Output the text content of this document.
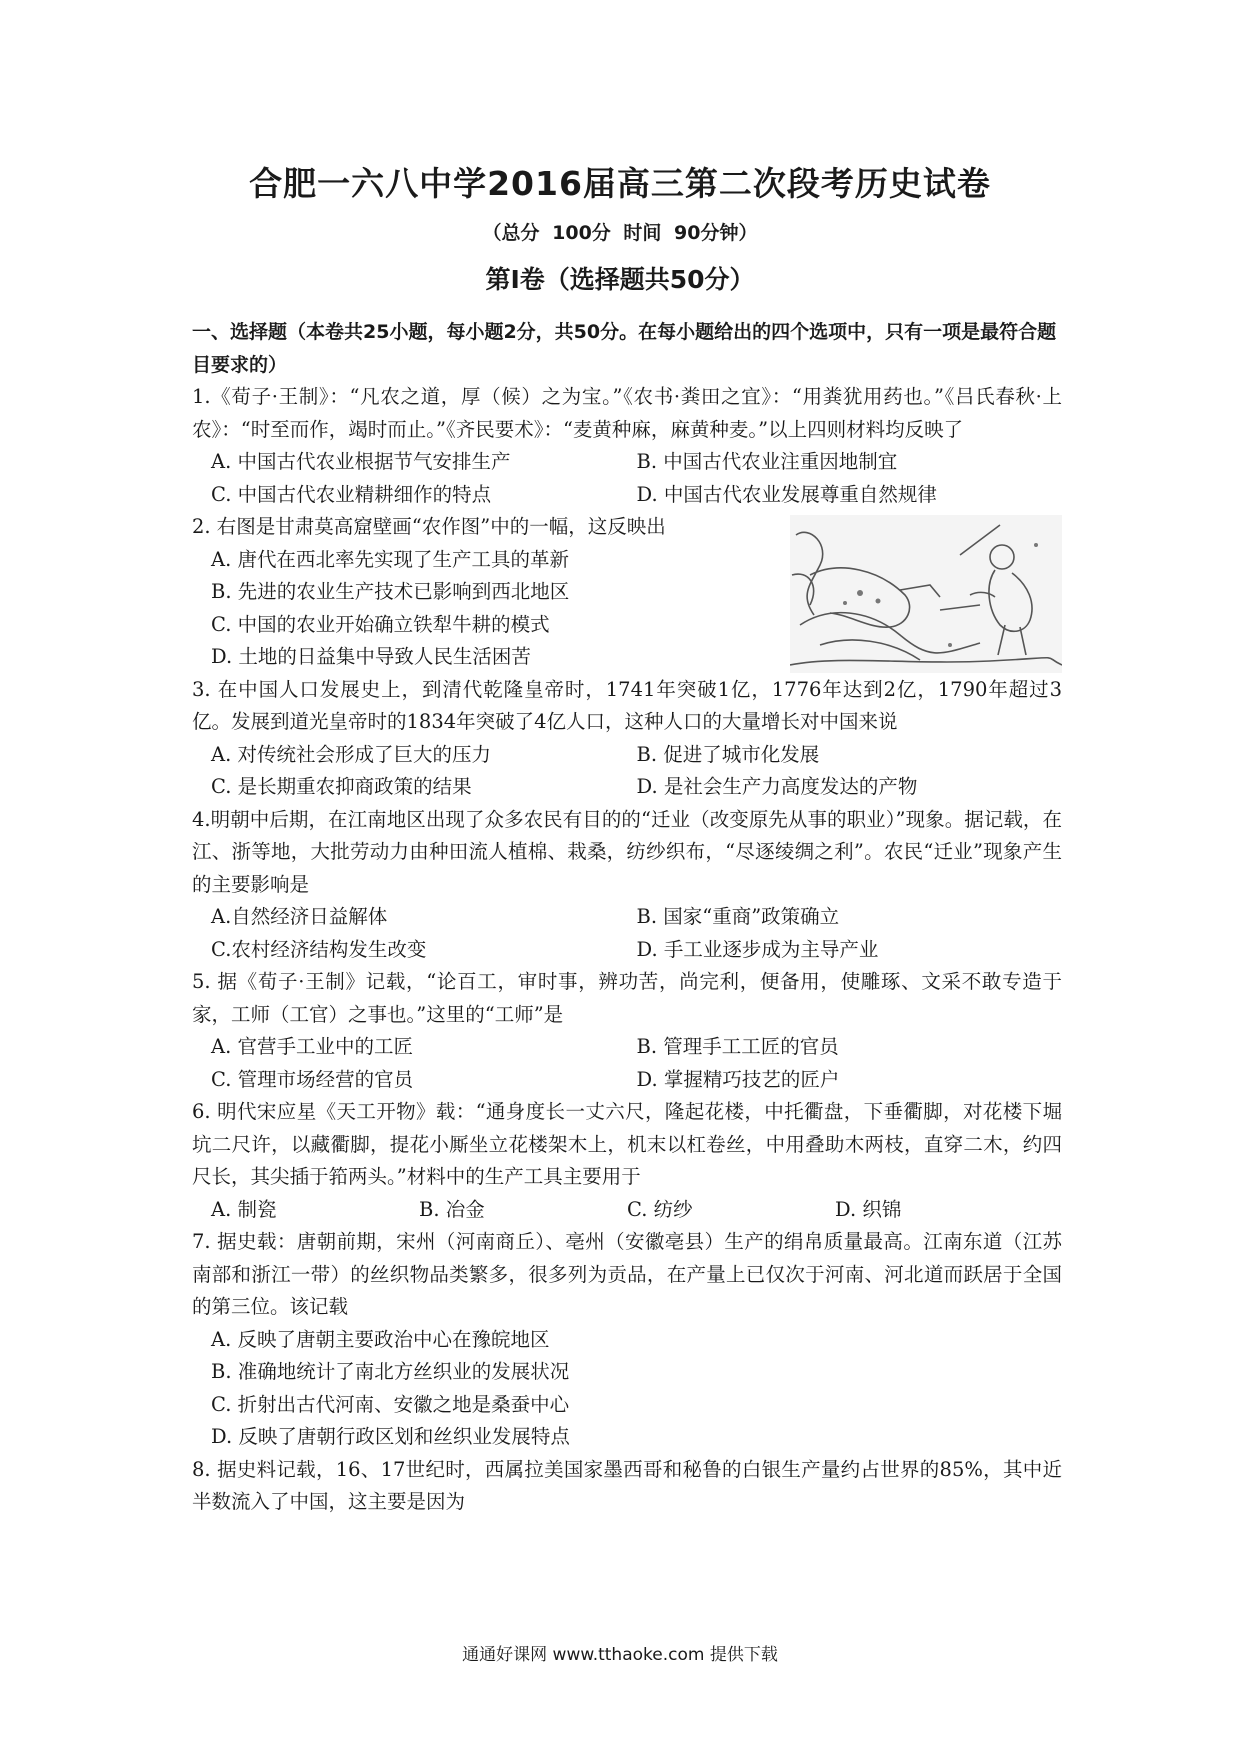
合肥一六八中学2016届高三第二次段考历史试卷
（总分 100分 时间 90分钟）
第I卷（选择题共50分）
一、选择题（本卷共25小题，每小题2分，共50分。在每小题给出的四个选项中，只有一项是最符合题目要求的）
1.《荀子·王制》：“凡农之道，厚（候）之为宝。”《农书·粪田之宜》：“用粪犹用药也。”《吕氏春秋·上农》：“时至而作，竭时而止。”《齐民要术》：“麦黄种麻，麻黄种麦。”以上四则材料均反映了
A. 中国古代农业根据节气安排生产	B. 中国古代农业注重因地制宜
C. 中国古代农业精耕细作的特点	D. 中国古代农业发展尊重自然规律
2. 右图是甘肃莫高窟壁画“农作图”中的一幅，这反映出
A. 唐代在西北率先实现了生产工具的革新
B. 先进的农业生产技术已影响到西北地区
C. 中国的农业开始确立铁犁牛耕的模式
D. 土地的日益集中导致人民生活困苦
3. 在中国人口发展史上，到清代乾隆皇帝时，1741年突破1亿，1776年达到2亿，1790年超过3亿。发展到道光皇帝时的1834年突破了4亿人口，这种人口的大量增长对中国来说
A. 对传统社会形成了巨大的压力	B. 促进了城市化发展
C. 是长期重农抑商政策的结果	D. 是社会生产力高度发达的产物
4.明朝中后期，在江南地区出现了众多农民有目的的“迁业（改变原先从事的职业）”现象。据记载，在江、浙等地，大批劳动力由种田流人植棉、栽桑，纺纱织布，“尽逐绫绸之利”。农民“迁业”现象产生的主要影响是
A.自然经济日益解体	B. 国家“重商”政策确立
C.农村经济结构发生改变	D. 手工业逐步成为主导产业
5. 据《荀子·王制》记载，“论百工，审时事，辨功苦，尚完利，便备用，使雕琢、文采不敢专造于家，工师（工官）之事也。”这里的“工师”是
A. 官营手工业中的工匠	B. 管理手工工匠的官员
C. 管理市场经营的官员	D. 掌握精巧技艺的匠户
6. 明代宋应星《天工开物》载：“通身度长一丈六尺，隆起花楼，中托衢盘，下垂衢脚，对花楼下堀坑二尺许，以藏衢脚，提花小厮坐立花楼架木上，机末以杠卷丝，中用叠助木两枝，直穿二木，约四尺长，其尖插于筘两头。”材料中的生产工具主要用于
A. 制瓷	B. 冶金	C. 纺纱	D. 织锦
7. 据史载：唐朝前期，宋州（河南商丘）、亳州（安徽亳县）生产的绢帛质量最高。江南东道（江苏南部和浙江一带）的丝织物品类繁多，很多列为贡品，在产量上已仅次于河南、河北道而跃居于全国的第三位。该记载
A. 反映了唐朝主要政治中心在豫皖地区
B. 准确地统计了南北方丝织业的发展状况
C. 折射出古代河南、安徽之地是桑蚕中心
D. 反映了唐朝行政区划和丝织业发展特点
8. 据史料记载，16、17世纪时，西属拉美国家墨西哥和秘鲁的白银生产量约占世界的85%，其中近半数流入了中国，这主要是因为
通通好课网 www.tthaoke.com 提供下载
